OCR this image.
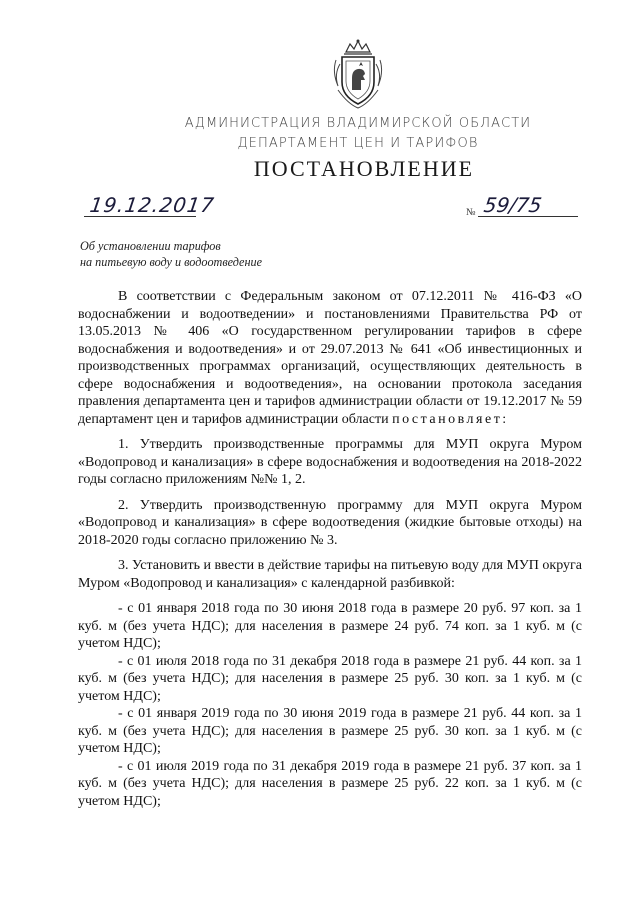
АДМИНИСТРАЦИЯ ВЛАДИМИРСКОЙ ОБЛАСТИ
ДЕПАРТАМЕНТ ЦЕН И ТАРИФОВ
ПОСТАНОВЛЕНИЕ
19.12.2017	№ 59/75
Об установлении тарифов
на питьевую воду и водоотведение

В соответствии с Федеральным законом от 07.12.2011 № 416-ФЗ «О водоснабжении и водоотведении» и постановлениями Правительства РФ от 13.05.2013 № 406 «О государственном регулировании тарифов в сфере водоснабжения и водоотведения» и от 29.07.2013 № 641 «Об инвестиционных и производственных программах организаций, осуществляющих деятельность в сфере водоснабжения и водоотведения», на основании протокола заседания правления департамента цен и тарифов администрации области от 19.12.2017 № 59 департамент цен и тарифов администрации области постановляет:

1. Утвердить производственные программы для МУП округа Муром «Водопровод и канализация» в сфере водоснабжения и водоотведения на 2018-2022 годы согласно приложениям №№ 1, 2.

2. Утвердить производственную программу для МУП округа Муром «Водопровод и канализация» в сфере водоотведения (жидкие бытовые отходы) на 2018-2020 годы согласно приложению № 3.

3. Установить и ввести в действие тарифы на питьевую воду для МУП округа Муром «Водопровод и канализация» с календарной разбивкой:

- с 01 января 2018 года по 30 июня 2018 года в размере 20 руб. 97 коп. за 1 куб. м (без учета НДС); для населения в размере 24 руб. 74 коп. за 1 куб. м (с учетом НДС);

- с 01 июля 2018 года по 31 декабря 2018 года в размере 21 руб. 44 коп. за 1 куб. м (без учета НДС); для населения в размере 25 руб. 30 коп. за 1 куб. м (с учетом НДС);

- с 01 января 2019 года по 30 июня 2019 года в размере 21 руб. 44 коп. за 1 куб. м (без учета НДС); для населения в размере 25 руб. 30 коп. за 1 куб. м (с учетом НДС);

- с 01 июля 2019 года по 31 декабря 2019 года в размере 21 руб. 37 коп. за 1 куб. м (без учета НДС); для населения в размере 25 руб. 22 коп. за 1 куб. м (с учетом НДС);
